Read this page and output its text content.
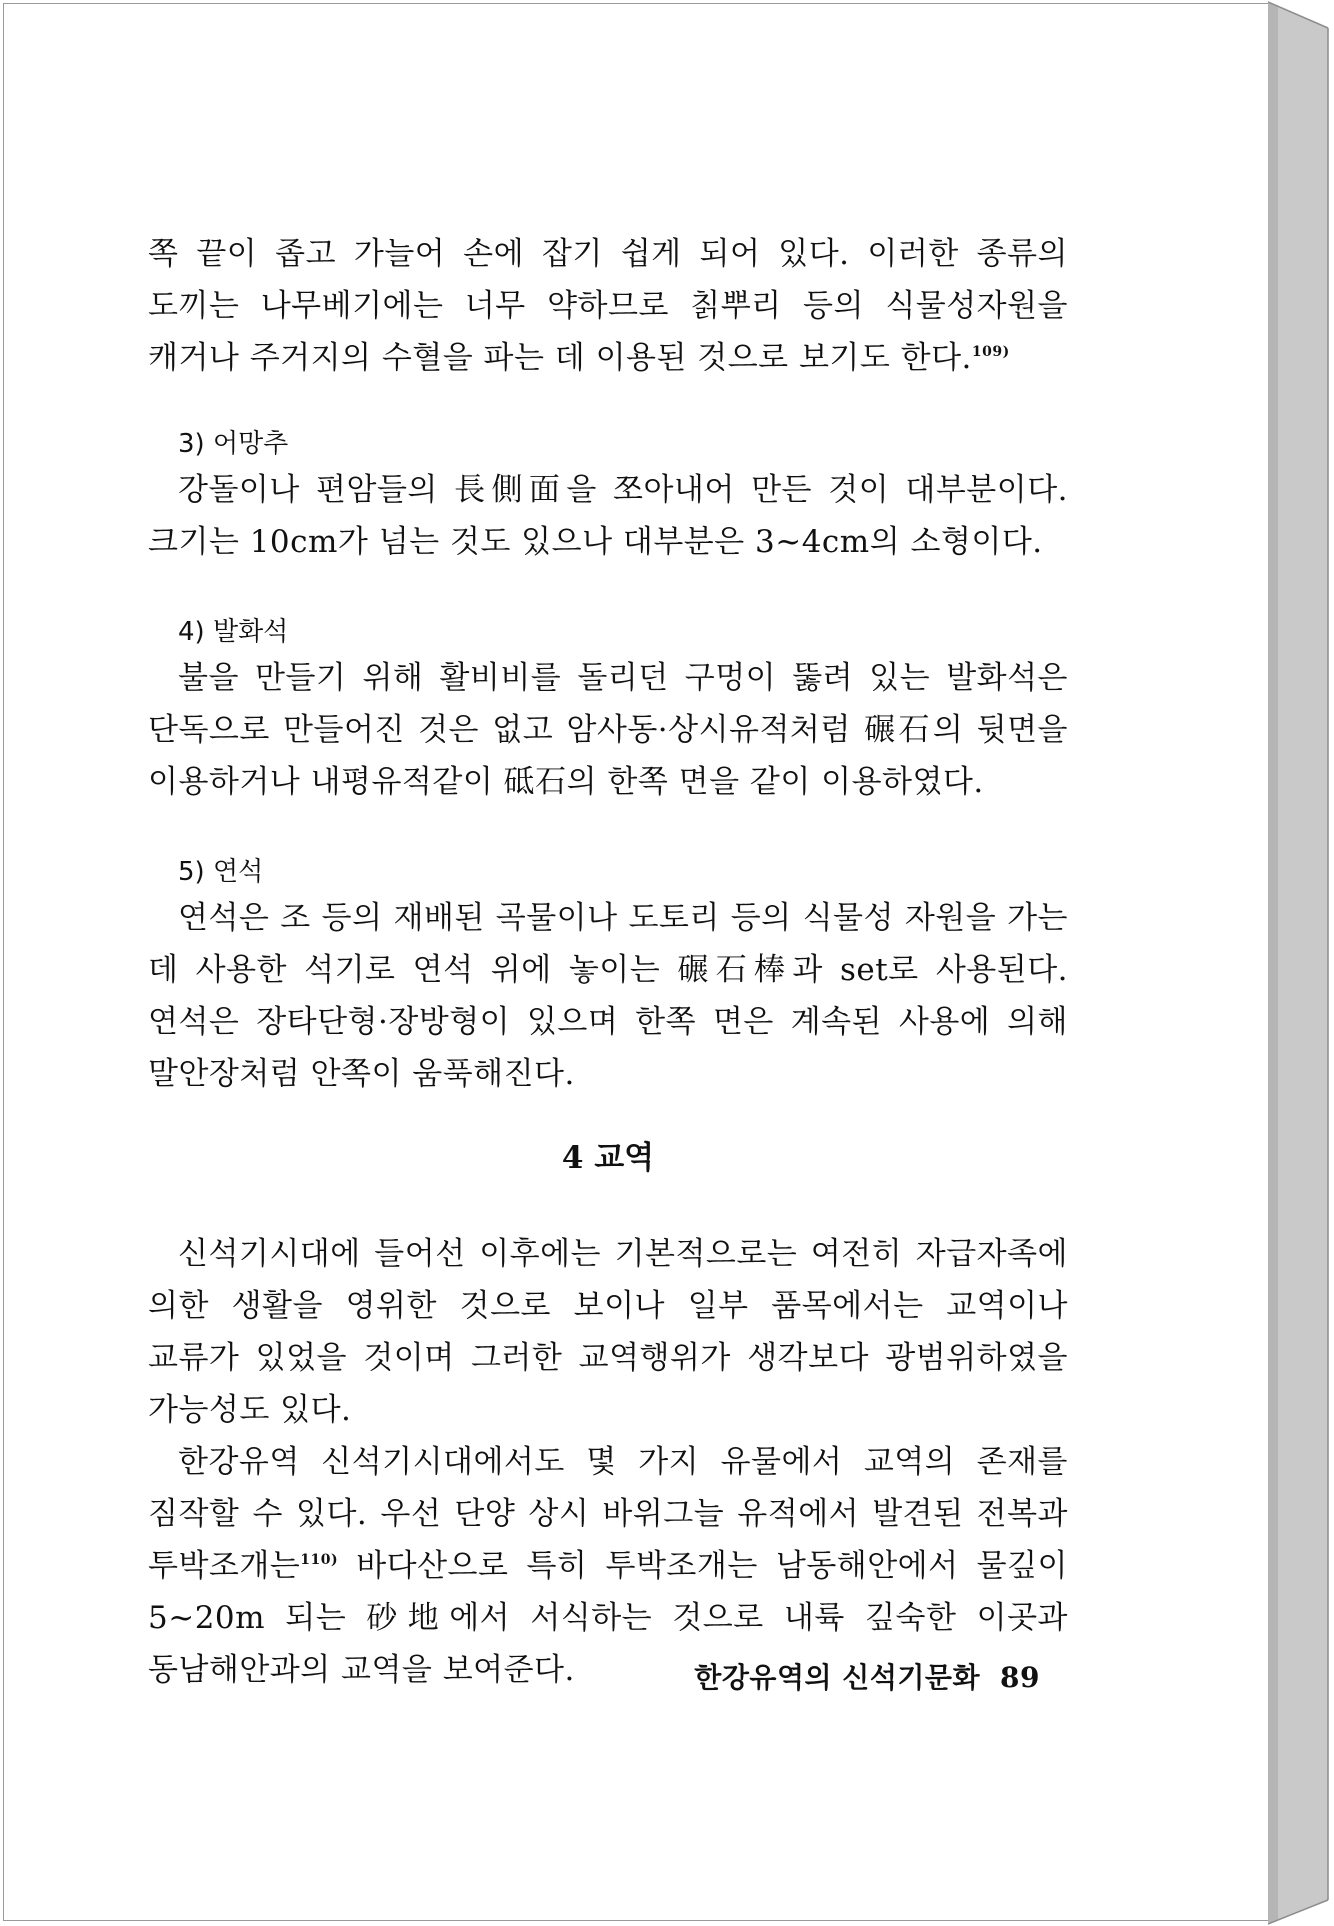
쪽 끝이 좁고 가늘어 손에 잡기 쉽게 되어 있다. 이러한 종류의 도끼는 나무베기에는 너무 약하므로 칡뿌리 등의 식물성자원을 캐거나 주거지의 수혈을 파는 데 이용된 것으로 보기도 한다.$^{109)}$

3) 어망추

강돌이나 편암들의 長側面을 쪼아내어 만든 것이 대부분이다. 크기는 10cm가 넘는 것도 있으나 대부분은 3~4cm의 소형이다.

4) 발화석

불을 만들기 위해 활비비를 돌리던 구멍이 뚫려 있는 발화석은 단독으로 만들어진 것은 없고 암사동·상시유적처럼 碾石의 뒷면을 이용하거나 내평유적같이 砥石의 한쪽 면을 같이 이용하였다.

5) 연석

연석은 조 등의 재배된 곡물이나 도토리 등의 식물성 자원을 가는 데 사용한 석기로 연석 위에 놓이는 碾石棒과 set로 사용된다. 연석은 장타단형·장방형이 있으며 한쪽 면은 계속된 사용에 의해 말안장처럼 안쪽이 움푹해진다.

4 교역

신석기시대에 들어선 이후에는 기본적으로는 여전히 자급자족에 의한 생활을 영위한 것으로 보이나 일부 품목에서는 교역이나 교류가 있었을 것이며 그러한 교역행위가 생각보다 광범위하였을 가능성도 있다.

한강유역 신석기시대에서도 몇 가지 유물에서 교역의 존재를 짐작할 수 있다. 우선 단양 상시 바위그늘 유적에서 발견된 전복과 투박조개는$^{110)}$ 바다산으로 특히 투박조개는 남동해안에서 물깊이 5~20m 되는 砂地에서 서식하는 것으로 내륙 깊숙한 이곳과 동남해안과의 교역을 보여준다.	한강유역의 신석기문화 89
